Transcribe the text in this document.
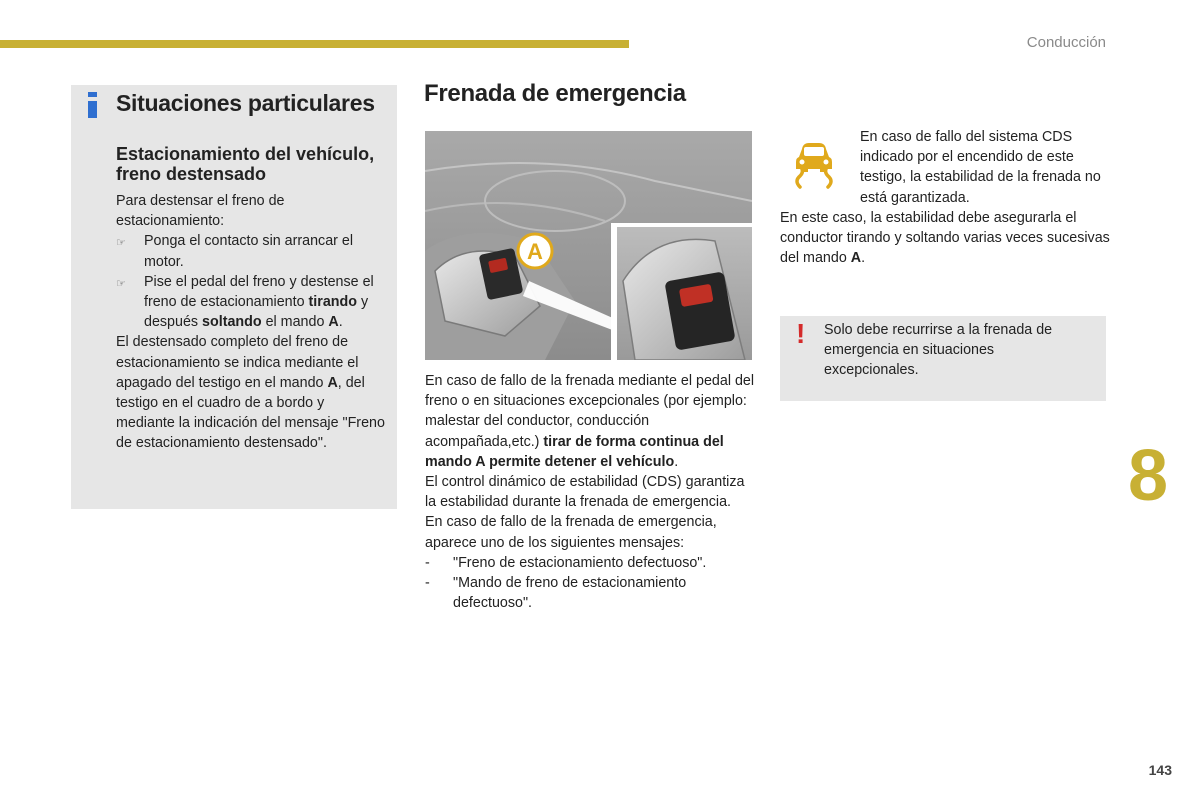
Conducción
Situaciones particulares
Estacionamiento del vehículo, freno destensado
Para destensar el freno de estacionamiento:
☞	Ponga el contacto sin arrancar el motor.
☞	Pise el pedal del freno y destense el freno de estacionamiento tirando y después soltando el mando A.
El destensado completo del freno de estacionamiento se indica mediante el apagado del testigo en el mando A, del testigo en el cuadro de a bordo y mediante la indicación del mensaje "Freno de estacionamiento destensado".
Frenada de emergencia
A
En caso de fallo de la frenada mediante el pedal del freno o en situaciones excepcionales (por ejemplo: malestar del conductor, conducción acompañada,etc.) tirar de forma continua del mando A permite detener el vehículo.
El control dinámico de estabilidad (CDS) garantiza la estabilidad durante la frenada de emergencia.
En caso de fallo de la frenada de emergencia, aparece uno de los siguientes mensajes:
-	"Freno de estacionamiento defectuoso".
-	"Mando de freno de estacionamiento defectuoso".
En caso de fallo del sistema CDS indicado por el encendido de este testigo, la estabilidad de la frenada no está garantizada.
En este caso, la estabilidad debe asegurarla el conductor tirando y soltando varias veces sucesivas del mando A.
! Solo debe recurrirse a la frenada de emergencia en situaciones excepcionales.
8
143
